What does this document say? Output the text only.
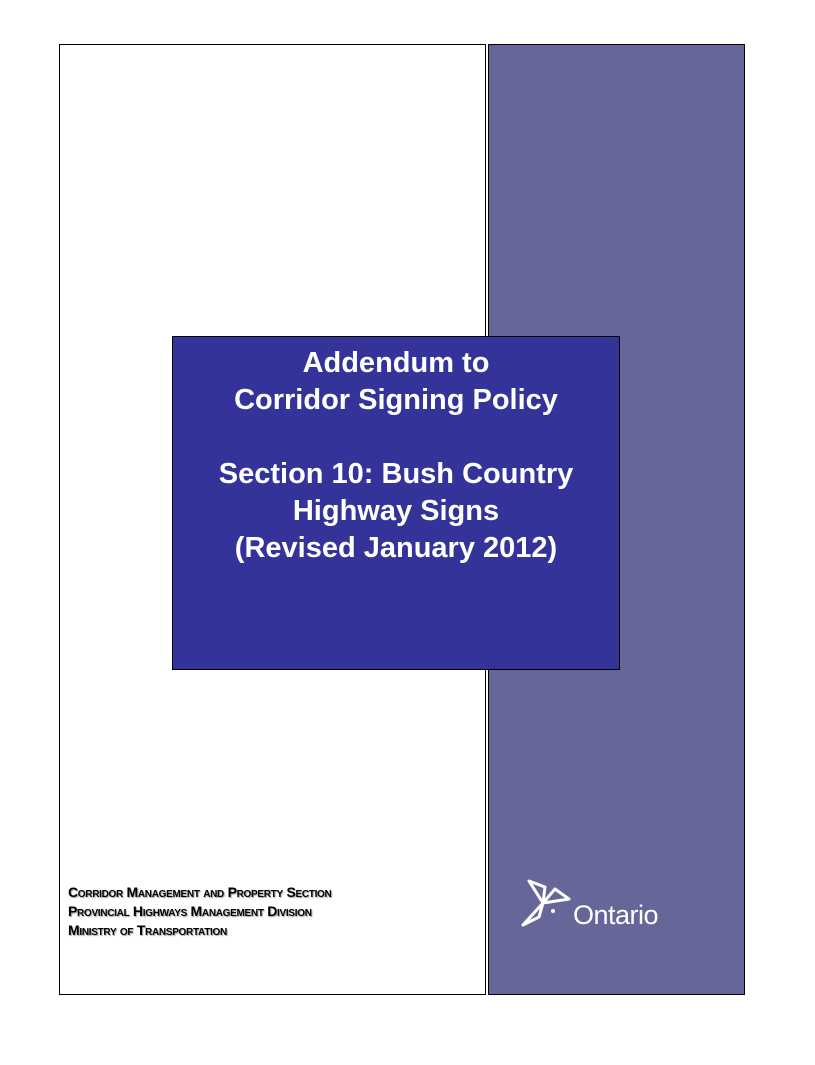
Addendum to
Corridor Signing Policy
Section 10: Bush Country
Highway Signs
(Revised January 2012)
Corridor Management and Property Section
Provincial Highways Management Division
Ministry of Transportation	Ontario
